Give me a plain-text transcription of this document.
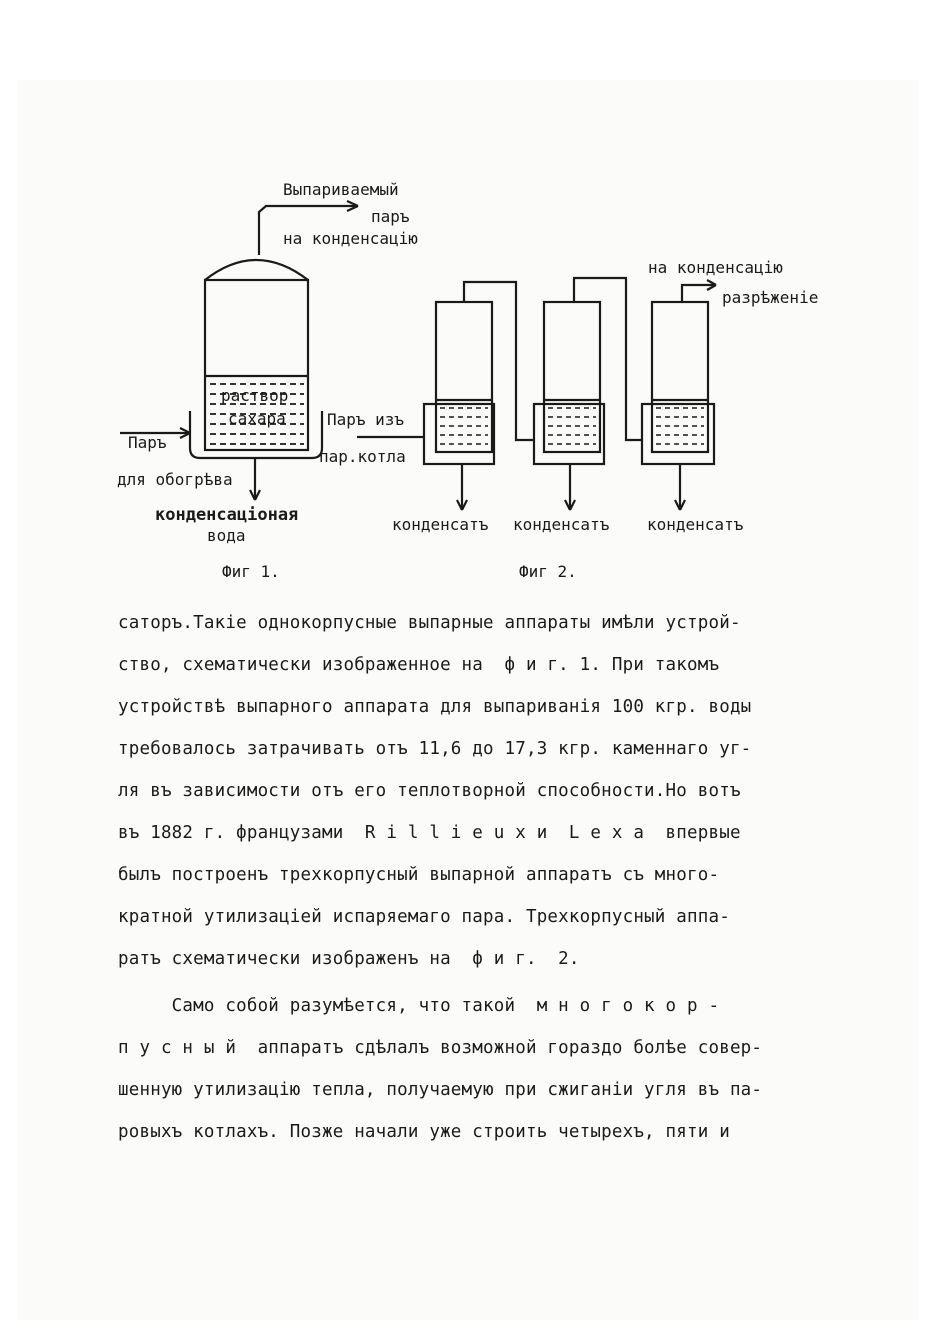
Выпариваемый
паръ
на конденсацію
раствор
сахара	Паръ изъ
пар.котла
Паръ
для обогрѣва
конденсаціоная
вода
Фиг 1.
на конденсацію
разрѣженіе
конденсатъ конденсатъ конденсатъ
Фиг 2.
саторъ.Такіе однокорпусные выпарные аппараты имѣли устрой-
ство, схематически изображенное на  ф и г. 1. При такомъ
устройствѣ выпарного аппарата для выпариванія 100 кгр. воды
требовалось затрачивать отъ 11,6 до 17,3 кгр. каменнаго уг-
ля въ зависимости отъ его теплотворной способности.Но вотъ
въ 1882 г. французами  R i l l i e u x и  L e x a  впервые
былъ построенъ трехкорпусный выпарной аппаратъ съ много-
кратной утилизацiей испаряемаго пара. Трехкорпусный аппа-
ратъ схематически изображенъ на  ф и г.  2.
Само собой разумѣется, что такой  м н о г о к о р -
п у с н ы й  аппаратъ сдѣлалъ возможной гораздо болѣе совер-
шенную утилизацію тепла, получаемую при сжиганіи угля въ па-
ровыхъ котлахъ. Позже начали уже строить четырехъ, пяти и
